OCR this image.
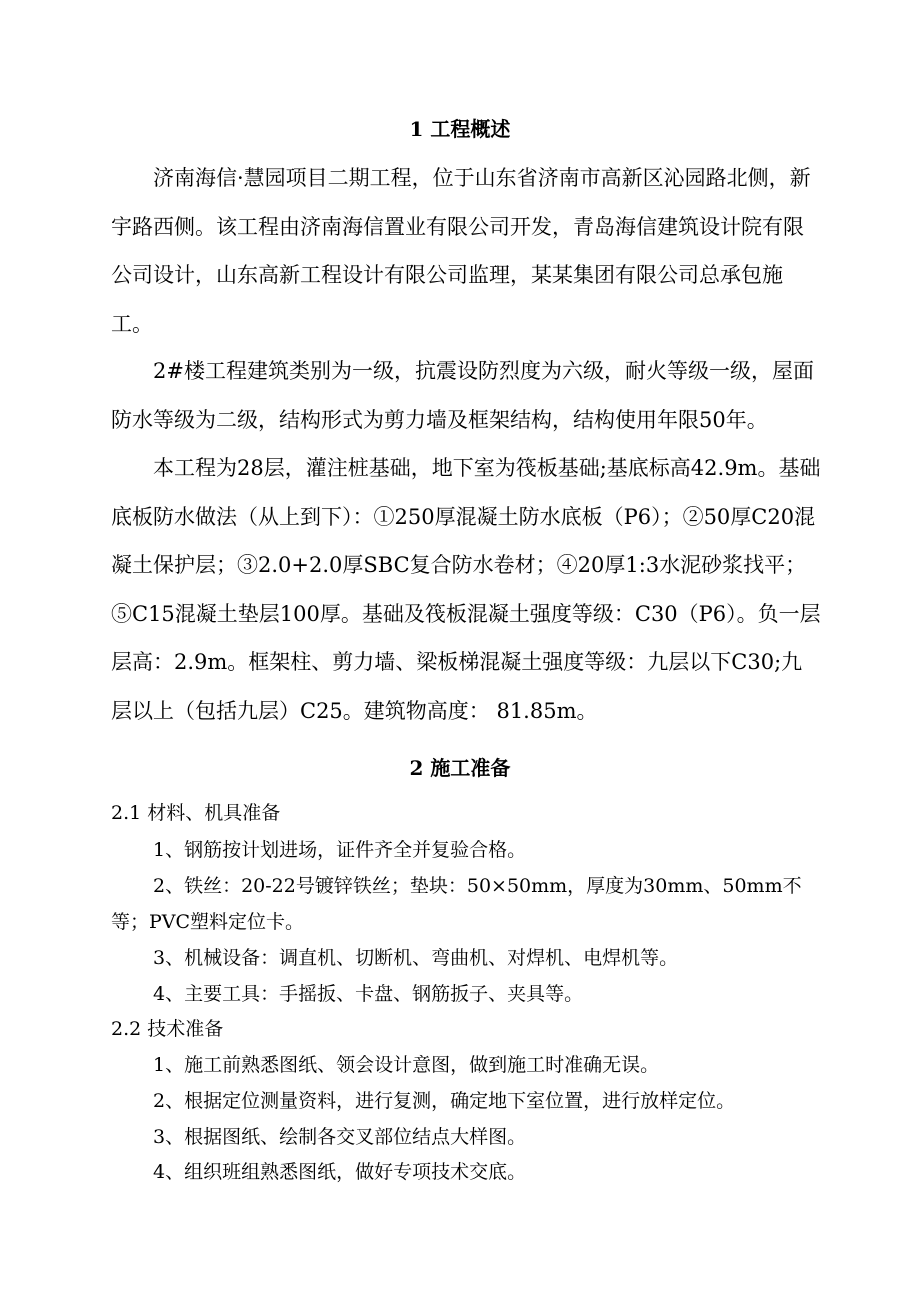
1 工程概述

济南海信·慧园项目二期工程，位于山东省济南市高新区沁园路北侧，新宇路西侧。该工程由济南海信置业有限公司开发，青岛海信建筑设计院有限公司设计，山东高新工程设计有限公司监理，某某集团有限公司总承包施工。

2#楼工程建筑类别为一级，抗震设防烈度为六级，耐火等级一级，屋面防水等级为二级，结构形式为剪力墙及框架结构，结构使用年限50年。

本工程为28层，灌注桩基础，地下室为筏板基础;基底标高42.9m。基础底板防水做法（从上到下）：①250厚混凝土防水底板（P6）；②50厚C20混凝土保护层；③2.0+2.0厚SBC复合防水卷材；④20厚1:3水泥砂浆找平；⑤C15混凝土垫层100厚。基础及筏板混凝土强度等级：C30（P6）。负一层层高：2.9m。框架柱、剪力墙、梁板梯混凝土强度等级：九层以下C30;九层以上（包括九层）C25。建筑物高度： 81.85m。

2 施工准备
2.1 材料、机具准备
1、钢筋按计划进场，证件齐全并复验合格。

2、铁丝：20-22号镀锌铁丝；垫块：50×50mm，厚度为30mm、50mm不等；PVC塑料定位卡。

3、机械设备：调直机、切断机、弯曲机、对焊机、电焊机等。
4、主要工具：手摇扳、卡盘、钢筋扳子、夹具等。
2.2 技术准备
1、施工前熟悉图纸、领会设计意图，做到施工时准确无误。
2、根据定位测量资料，进行复测，确定地下室位置，进行放样定位。
3、根据图纸、绘制各交叉部位结点大样图。
4、组织班组熟悉图纸，做好专项技术交底。
